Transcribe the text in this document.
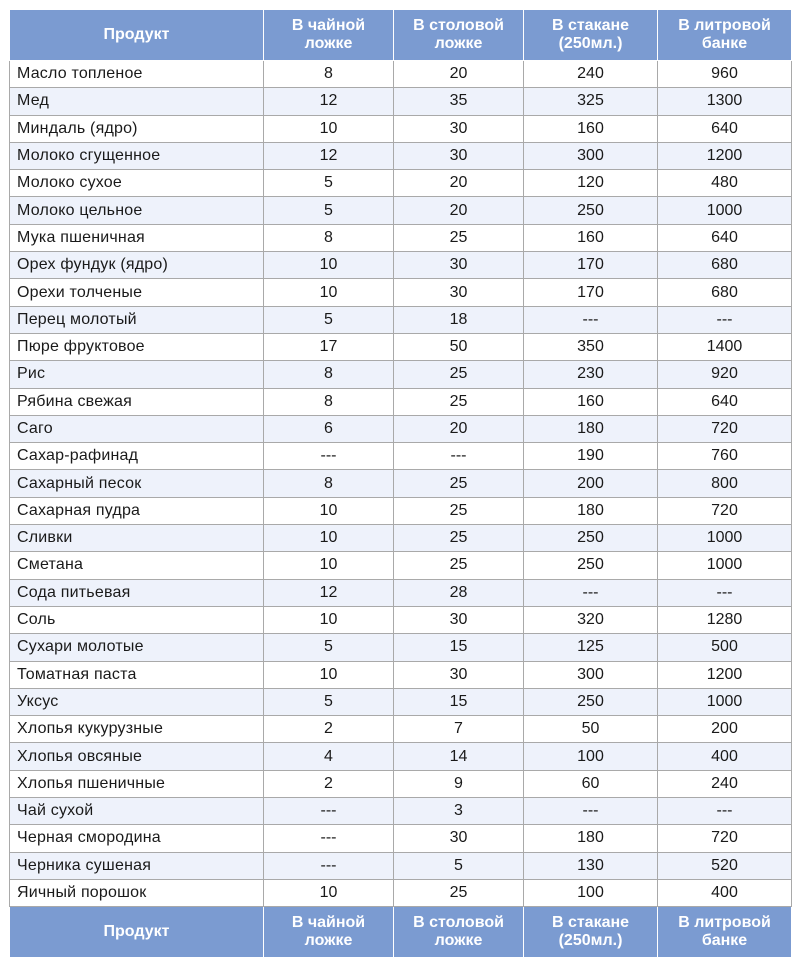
Продукт	В чайной ложке	В столовой ложке	В стакане (250мл.)	В литровой банке
Масло топленое	8	20	240	960
Мед	12	35	325	1300
Миндаль (ядро)	10	30	160	640
Молоко сгущенное	12	30	300	1200
Молоко сухое	5	20	120	480
Молоко цельное	5	20	250	1000
Мука пшеничная	8	25	160	640
Орех фундук (ядро)	10	30	170	680
Орехи толченые	10	30	170	680
Перец молотый	5	18	---	---
Пюре фруктовое	17	50	350	1400
Рис	8	25	230	920
Рябина свежая	8	25	160	640
Саго	6	20	180	720
Сахар-рафинад	---	---	190	760
Сахарный песок	8	25	200	800
Сахарная пудра	10	25	180	720
Сливки	10	25	250	1000
Сметана	10	25	250	1000
Сода питьевая	12	28	---	---
Соль	10	30	320	1280
Сухари молотые	5	15	125	500
Томатная паста	10	30	300	1200
Уксус	5	15	250	1000
Хлопья кукурузные	2	7	50	200
Хлопья овсяные	4	14	100	400
Хлопья пшеничные	2	9	60	240
Чай сухой	---	3	---	---
Черная смородина	---	30	180	720
Черника сушеная	---	5	130	520
Яичный порошок	10	25	100	400
Продукт	В чайной ложке	В столовой ложке	В стакане (250мл.)	В литровой банке
